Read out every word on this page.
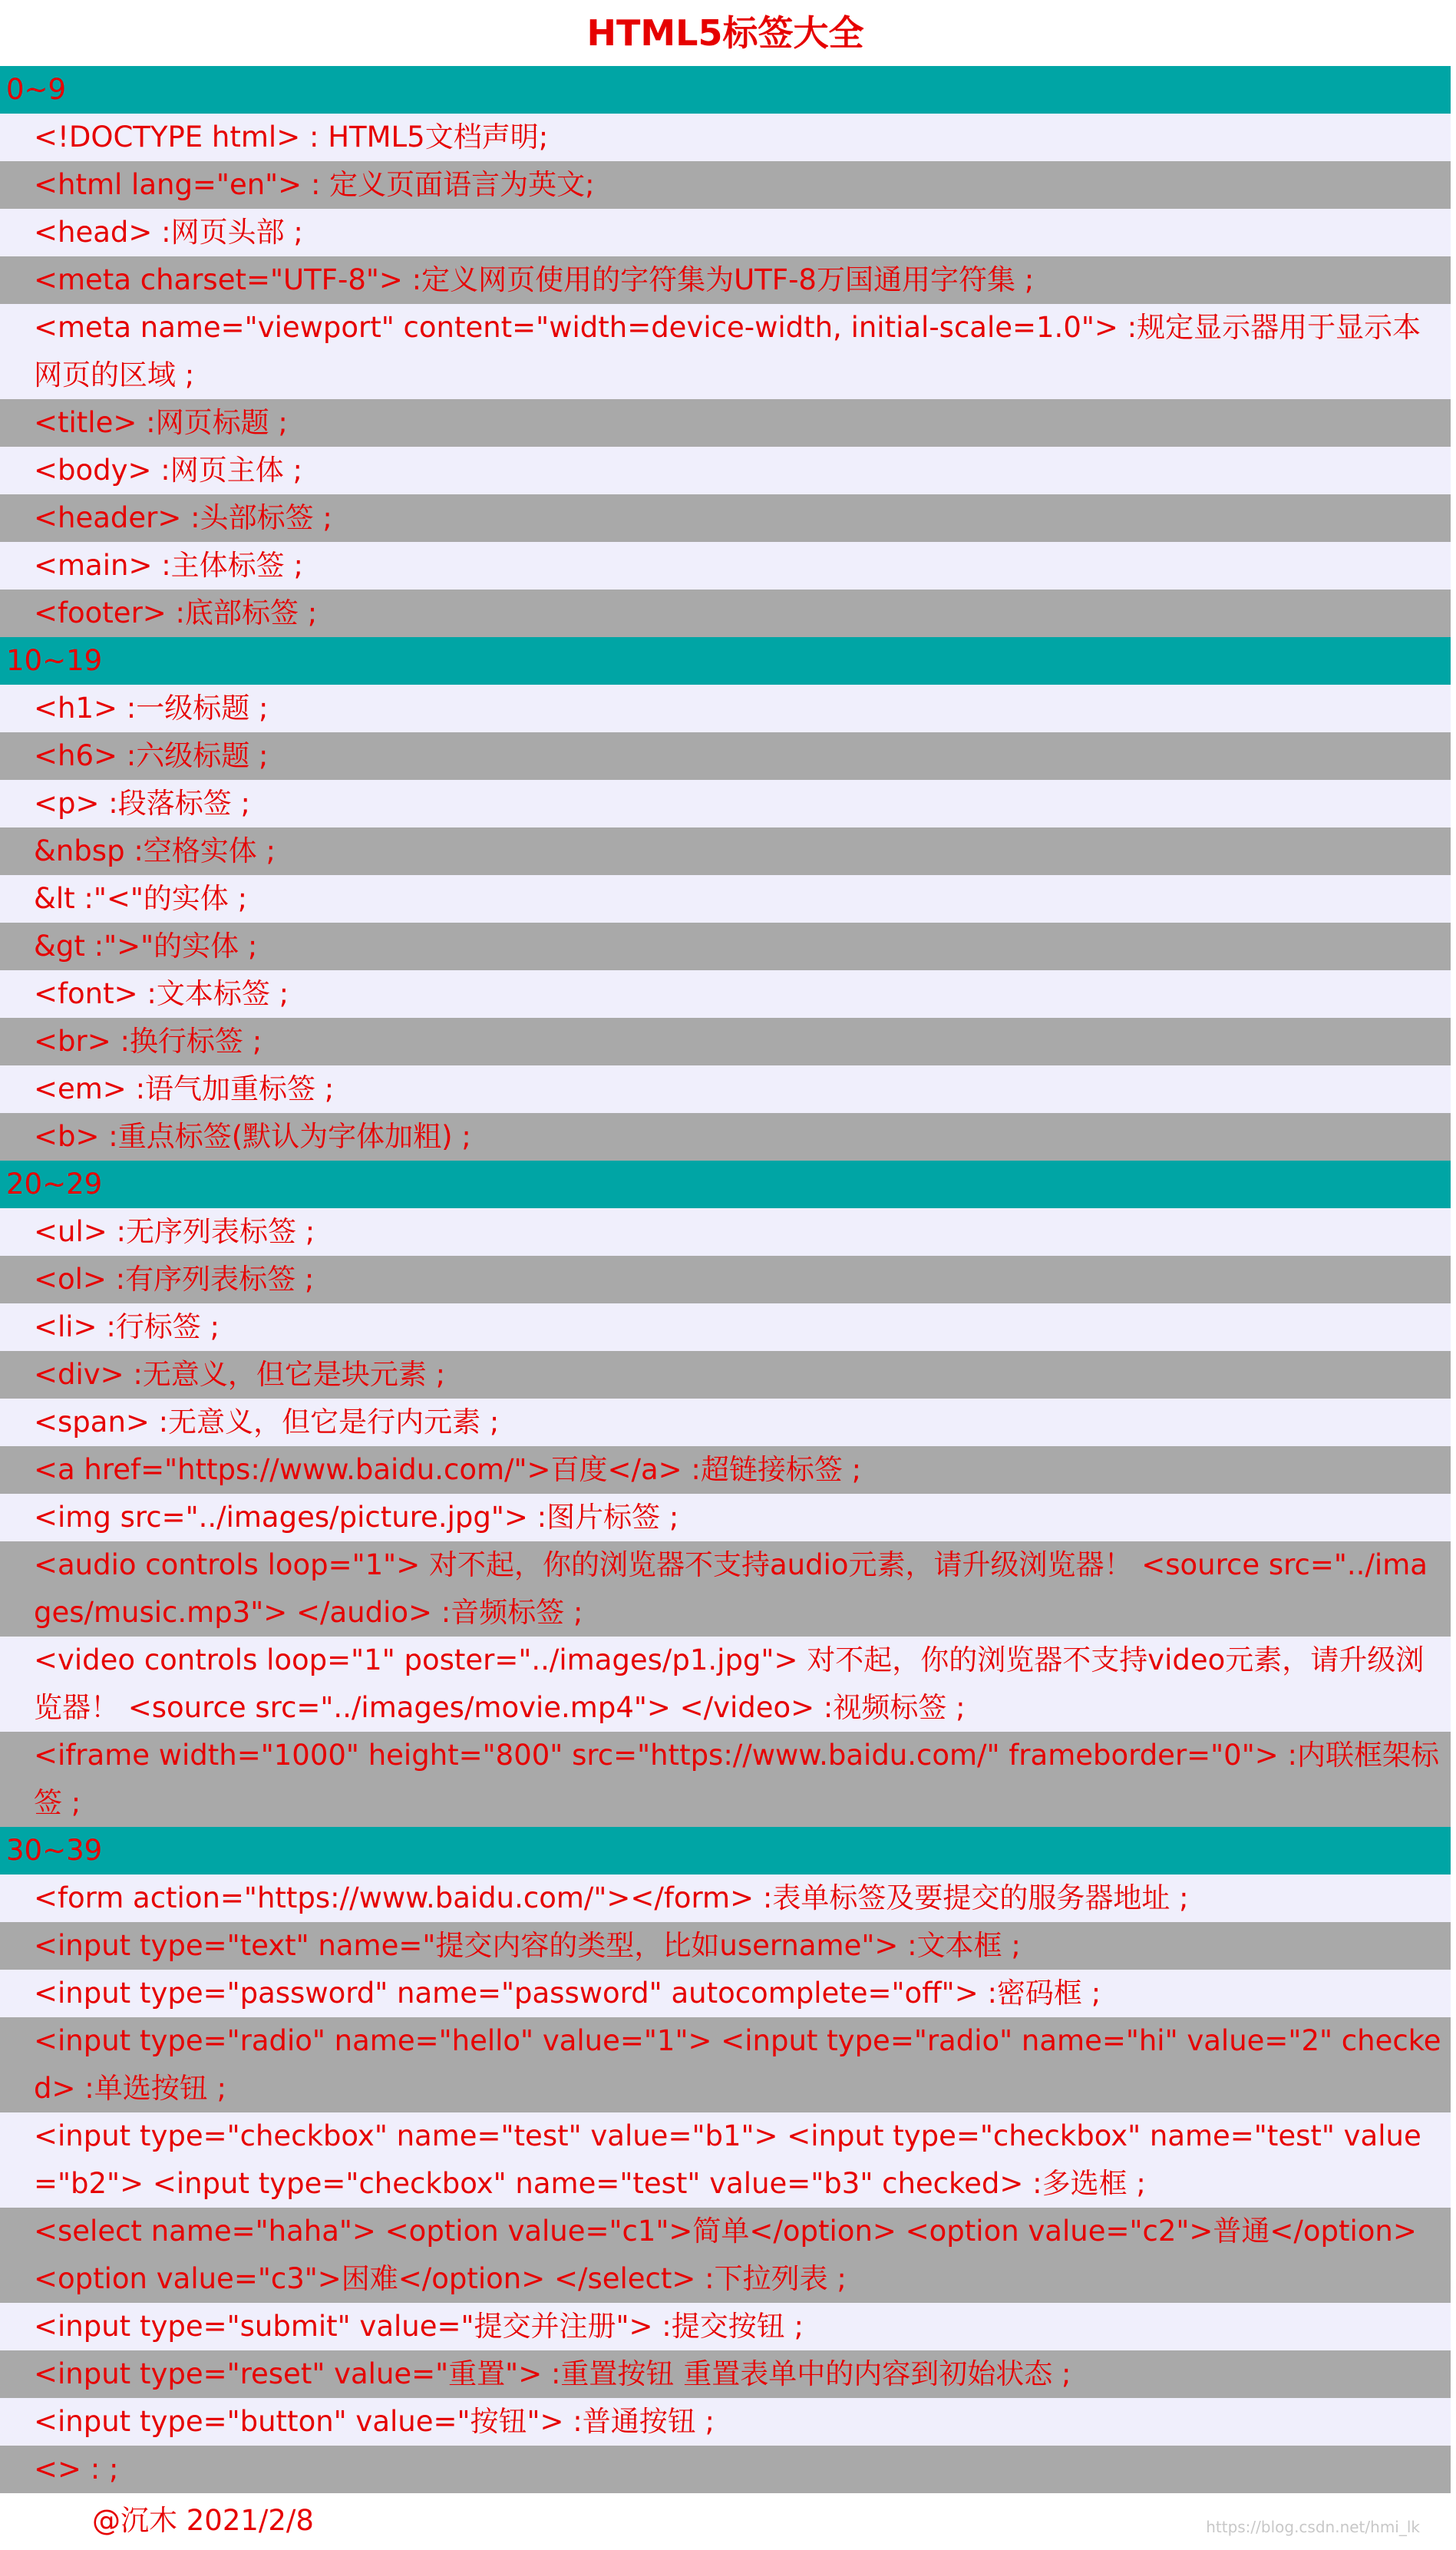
HTML5标签大全
0~9
<!DOCTYPE html> : HTML5文档声明;
<html lang="en"> : 定义页面语言为英文;
<head> :网页头部 ;
<meta charset="UTF-8"> :定义网页使用的字符集为UTF-8万国通用字符集 ;
<meta name="viewport" content="width=device-width, initial-scale=1.0"> :规定显示器用于显示本网页的区域 ;
<title> :网页标题 ;
<body> :网页主体 ;
<header> :头部标签 ;
<main> :主体标签 ;
<footer> :底部标签 ;
10~19
<h1> :一级标题 ;
<h6> :六级标题 ;
<p> :段落标签 ;
&nbsp :空格实体 ;
&lt :"<"的实体 ;
&gt :">"的实体 ;
<font> :文本标签 ;
<br> :换行标签 ;
<em> :语气加重标签 ;
<b> :重点标签(默认为字体加粗) ;
20~29
<ul> :无序列表标签 ;
<ol> :有序列表标签 ;
<li> :行标签 ;
<div> :无意义，但它是块元素 ;
<span> :无意义，但它是行内元素 ;
<a href="https://www.baidu.com/">百度</a> :超链接标签 ;
<img src="../images/picture.jpg"> :图片标签 ;
<audio controls loop="1"> 对不起，你的浏览器不支持audio元素，请升级浏览器！ <source src="../images/music.mp3"> </audio> :音频标签 ;
<video controls loop="1" poster="../images/p1.jpg"> 对不起，你的浏览器不支持video元素，请升级浏览器！ <source src="../images/movie.mp4"> </video> :视频标签 ;
<iframe width="1000" height="800" src="https://www.baidu.com/" frameborder="0"> :内联框架标签 ;
30~39
<form action="https://www.baidu.com/"></form> :表单标签及要提交的服务器地址 ;
<input type="text" name="提交内容的类型，比如username"> :文本框 ;
<input type="password" name="password" autocomplete="off"> :密码框 ;
<input type="radio" name="hello" value="1"> <input type="radio" name="hi" value="2" checked> :单选按钮 ;
<input type="checkbox" name="test" value="b1"> <input type="checkbox" name="test" value="b2"> <input type="checkbox" name="test" value="b3" checked> :多选框 ;
<select name="haha"> <option value="c1">简单</option> <option value="c2">普通</option> <option value="c3">困难</option> </select> :下拉列表 ;
<input type="submit" value="提交并注册"> :提交按钮 ;
<input type="reset" value="重置"> :重置按钮 重置表单中的内容到初始状态 ;
<input type="button" value="按钮"> :普通按钮 ;
<> : ;
@沉木 2021/2/8	https://blog.csdn.net/hmi_lk
